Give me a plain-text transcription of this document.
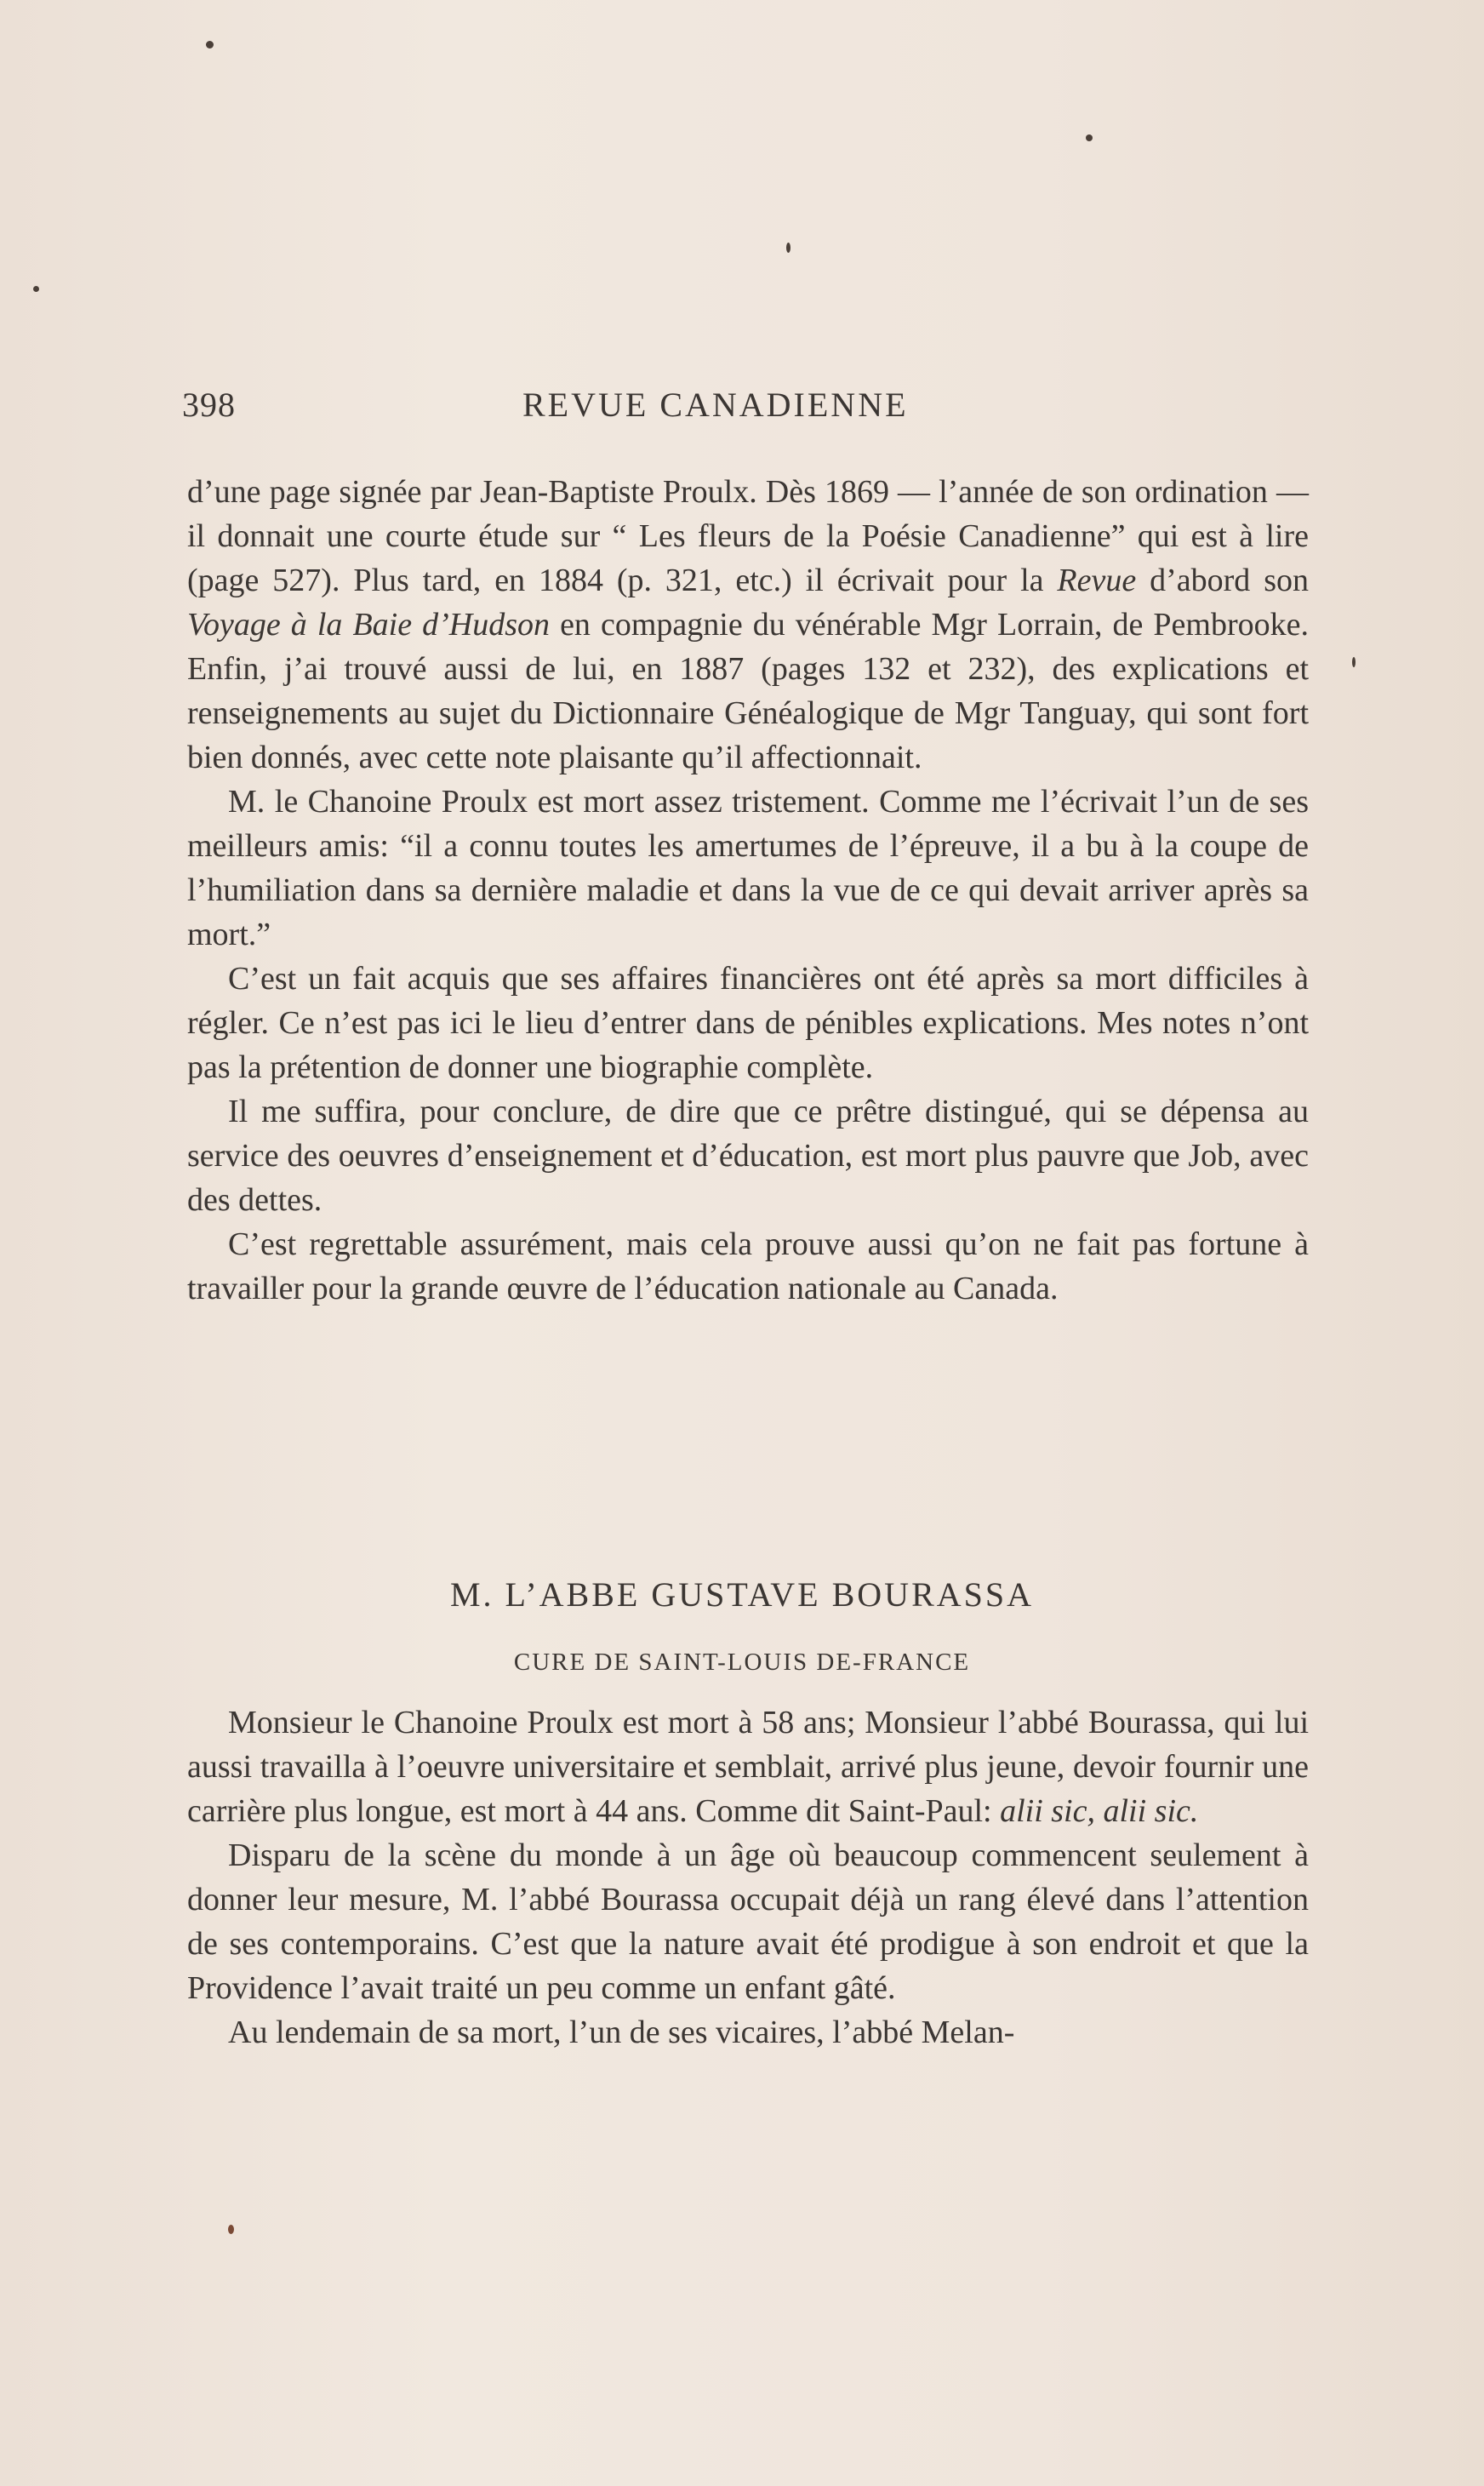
398	REVUE CANADIENNE

d’une page signée par Jean-Baptiste Proulx. Dès 1869 — l’année de son ordination — il donnait une courte étude sur “ Les fleurs de la Poésie Canadienne” qui est à lire (page 527). Plus tard, en 1884 (p. 321, etc.) il écrivait pour la Revue d’abord son Voyage à la Baie d’Hudson en compagnie du vénérable Mgr Lorrain, de Pembrooke. Enfin, j’ai trouvé aussi de lui, en 1887 (pages 132 et 232), des explications et renseignements au sujet du Dictionnaire Généalogique de Mgr Tanguay, qui sont fort bien donnés, avec cette note plaisante qu’il affectionnait.

M. le Chanoine Proulx est mort assez tristement. Comme me l’écrivait l’un de ses meilleurs amis: “il a connu toutes les amertumes de l’épreuve, il a bu à la coupe de l’humiliation dans sa dernière maladie et dans la vue de ce qui devait arriver après sa mort.”

C’est un fait acquis que ses affaires financières ont été après sa mort difficiles à régler. Ce n’est pas ici le lieu d’entrer dans de pénibles explications. Mes notes n’ont pas la prétention de donner une biographie complète.

Il me suffira, pour conclure, de dire que ce prêtre distingué, qui se dépensa au service des oeuvres d’enseignement et d’éducation, est mort plus pauvre que Job, avec des dettes.

C’est regrettable assurément, mais cela prouve aussi qu’on ne fait pas fortune à travailler pour la grande œuvre de l’éducation nationale au Canada.

M. L’ABBE GUSTAVE BOURASSA
CURE DE SAINT-LOUIS DE-FRANCE

Monsieur le Chanoine Proulx est mort à 58 ans; Monsieur l’abbé Bourassa, qui lui aussi travailla à l’oeuvre universitaire et semblait, arrivé plus jeune, devoir fournir une carrière plus longue, est mort à 44 ans. Comme dit Saint-Paul: alii sic, alii sic.

Disparu de la scène du monde à un âge où beaucoup commencent seulement à donner leur mesure, M. l’abbé Bourassa occupait déjà un rang élevé dans l’attention de ses contemporains. C’est que la nature avait été prodigue à son endroit et que la Providence l’avait traité un peu comme un enfant gâté.

Au lendemain de sa mort, l’un de ses vicaires, l’abbé Melan-
